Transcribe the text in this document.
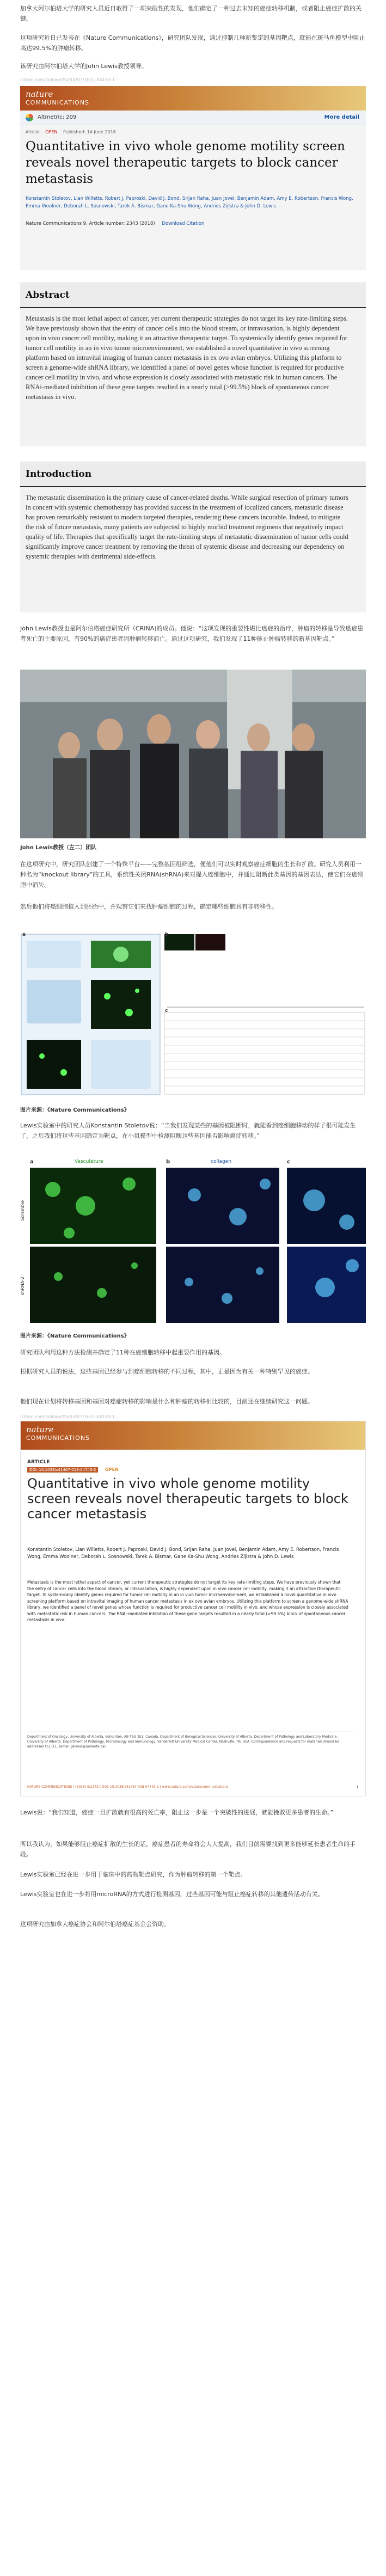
加拿大阿尔伯塔大学的研究人员近日取得了一项突破性的发现，他们确定了一种过去未知的癌症转移机制，或者阻止癌症扩散的关键。

这项研究近日已发表在《Nature Communications》，研究团队发现，通过抑制几种新鉴定的基因靶点，就能在斑马鱼模型中阻止高达99.5%的肿瘤转移。

该研究由阿尔伯塔大学的John Lewis教授领导。

Isitom.com/ciddwe/tto/14/07/1631-84183-1
nature
COMMUNICATIONS
Altmetric: 209	More detail
Article OPEN Published: 14 June 2018
Quantitative in vivo whole genome motility screen reveals novel therapeutic targets to block cancer metastasis
Konstantin Stoletov, Lian Willetts, Robert J. Paproski, David J. Bond, Srijan Raha, Juan Jovel, Benjamin Adam, Amy E. Robertson, Francis Wong, Emma Woolner, Deborah L. Sosnowski, Tarek A. Bismar, Gane Ka-Shu Wong, Andries Zijlstra & John D. Lewis
Nature Communications 9, Article number: 2343 (2018) Download Citation
Abstract
Metastasis is the most lethal aspect of cancer, yet current therapeutic strategies do not target its key rate-limiting steps. We have previously shown that the entry of cancer cells into the blood stream, or intravasation, is highly dependent upon in vivo cancer cell motility, making it an attractive therapeutic target. To systemically identify genes required for tumor cell motility in an in vivo tumor microenvironment, we established a novel quantitative in vivo screening platform based on intravital imaging of human cancer metastasis in ex ovo avian embryos. Utilizing this platform to screen a genome-wide shRNA library, we identified a panel of novel genes whose function is required for productive cancer cell motility in vivo, and whose expression is closely associated with metastatic risk in human cancers. The RNAi-mediated inhibition of these gene targets resulted in a nearly total (>99.5%) block of spontaneous cancer metastasis in vivo.
Introduction
The metastatic dissemination is the primary cause of cancer-related deaths. While surgical resection of primary tumors in concert with systemic chemotherapy has provided success in the treatment of localized cancers, metastatic disease has proven remarkably resistant to modern targeted therapies, rendering these cancers incurable. Indeed, to mitigate the risk of future metastasis, many patients are subjected to highly morbid treatment regimens that negatively impact quality of life. Therapies that specifically target the rate-limiting steps of metastatic dissemination of tumor cells could significantly improve cancer treatment by removing the threat of systemic disease and decreasing our dependency on systemic therapies with detrimental side-effects.

John Lewis教授也是阿尔伯塔癌症研究所（CRINA)的成员。他说：“这项发现的重要性堪比癌症的治疗，肿瘤的转移是导致癌症患者死亡的主要原因，有90%的癌症患者因肿瘤转移而亡。通过这项研究，我们发现了11种能止肿瘤转移的新基因靶点。”

John Lewis教授（左二）团队

在这项研究中，研究团队创建了一个特殊平台——完整基因组筛选，便他们可以实时观察癌症细胞的生长和扩散。研究人员利用一种名为“knockout library”的工具，系统性关闭RNA(shRNA)来对提入癌细胞中，并通过阻断此类基因的基因表达，使它们在癌细胞中消失。

然后他们将癌细胞植入到胚胎中，并观察它们来找肿瘤细胞的过程，确定哪些细胞具有非转移性。

a	b
c
图片来源：《Nature Communications》

Lewis实验室中的研究人员Konstantin Stoletov说：“当我们发现某些的基因被阻断时，就能看到癌细胞移动的样子很可能发生了，之后我们将这些基因确定为靶点，在小鼠模型中检测阻断这些基因能否影响癌症转移。”

a	Vasculature	b	collagen	c
Scramble
shRNA-2
图片来源：《Nature Communications》

研究团队利用这种方法检测并确定了11种在癌细胞转移中起重要作用的基因。

根据研究人员的说法，这些基因已经参与到癌细胞转移的不同过程，其中，正是因为有关一种特别罕见的癌症。

他们现在计划将转移基因和基因对癌症转移的影响是什么和肿瘤的转移相比较的，目前还在继续研究这一问题。

Isitom.com/ciddwe/tto/14/07/1631-84183-1
nature
COMMUNICATIONS
ARTICLE
DOI: 10.1038/s41467-018-04743-2	OPEN
Quantitative in vivo whole genome motility screen reveals novel therapeutic targets to block cancer metastasis
Konstantin Stoletov, Lian Willetts, Robert J. Paproski, David J. Bond, Srijan Raha, Juan Jovel, Benjamin Adam, Amy E. Robertson, Francis Wong, Emma Woolner, Deborah L. Sosnowski, Tarek A. Bismar, Gane Ka-Shu Wong, Andries Zijlstra & John D. Lewis
Metastasis is the most lethal aspect of cancer, yet current therapeutic strategies do not target its key rate-limiting steps. We have previously shown that the entry of cancer cells into the blood stream, or intravasation, is highly dependent upon in vivo cancer cell motility, making it an attractive therapeutic target. To systemically identify genes required for tumor cell motility in an in vivo tumor microenvironment, we established a novel quantitative in vivo screening platform based on intravital imaging of human cancer metastasis in ex ovo avian embryos. Utilizing this platform to screen a genome-wide shRNA library, we identified a panel of novel genes whose function is required for productive cancer cell motility in vivo, and whose expression is closely associated with metastatic risk in human cancers. The RNAi-mediated inhibition of these gene targets resulted in a nearly total (>99.5%) block of spontaneous cancer metastasis in vivo.
Department of Oncology, University of Alberta, Edmonton, AB T6G 2E1, Canada. Department of Biological Sciences, University of Alberta. Department of Pathology and Laboratory Medicine, University of Alberta. Department of Pathology, Microbiology and Immunology, Vanderbilt University Medical Center, Nashville, TN, USA. Correspondence and requests for materials should be addressed to J.D.L. (email: jdlewis@ualberta.ca)
NATURE COMMUNICATIONS | (2018) 9:2343 | DOI: 10.1038/s41467-018-04743-2 | www.nature.com/naturecommunications	1

Lewis说：“我们知道，癌症一旦扩散就有很高的死亡率，阻止这一步是一个突破性的进展，就能挽救更多患者的生命。”

所以我认为，如果能够阻止癌症扩散的生长的话，癌症患者的寿命将会大大提高，我们目前需要找到更多能够延长患者生命的手段。

Lewis实验室已经在进一步用于临床中的药物靶点研究，作为肿瘤转移的第一个靶点。

Lewis实验室也在进一步将用microRNA的方式进行检测基因，过些基因可能与阻止癌症转移的其他遗传活动有关。

这项研究由加拿大癌症协会和阿尔伯塔癌症基金会资助。
